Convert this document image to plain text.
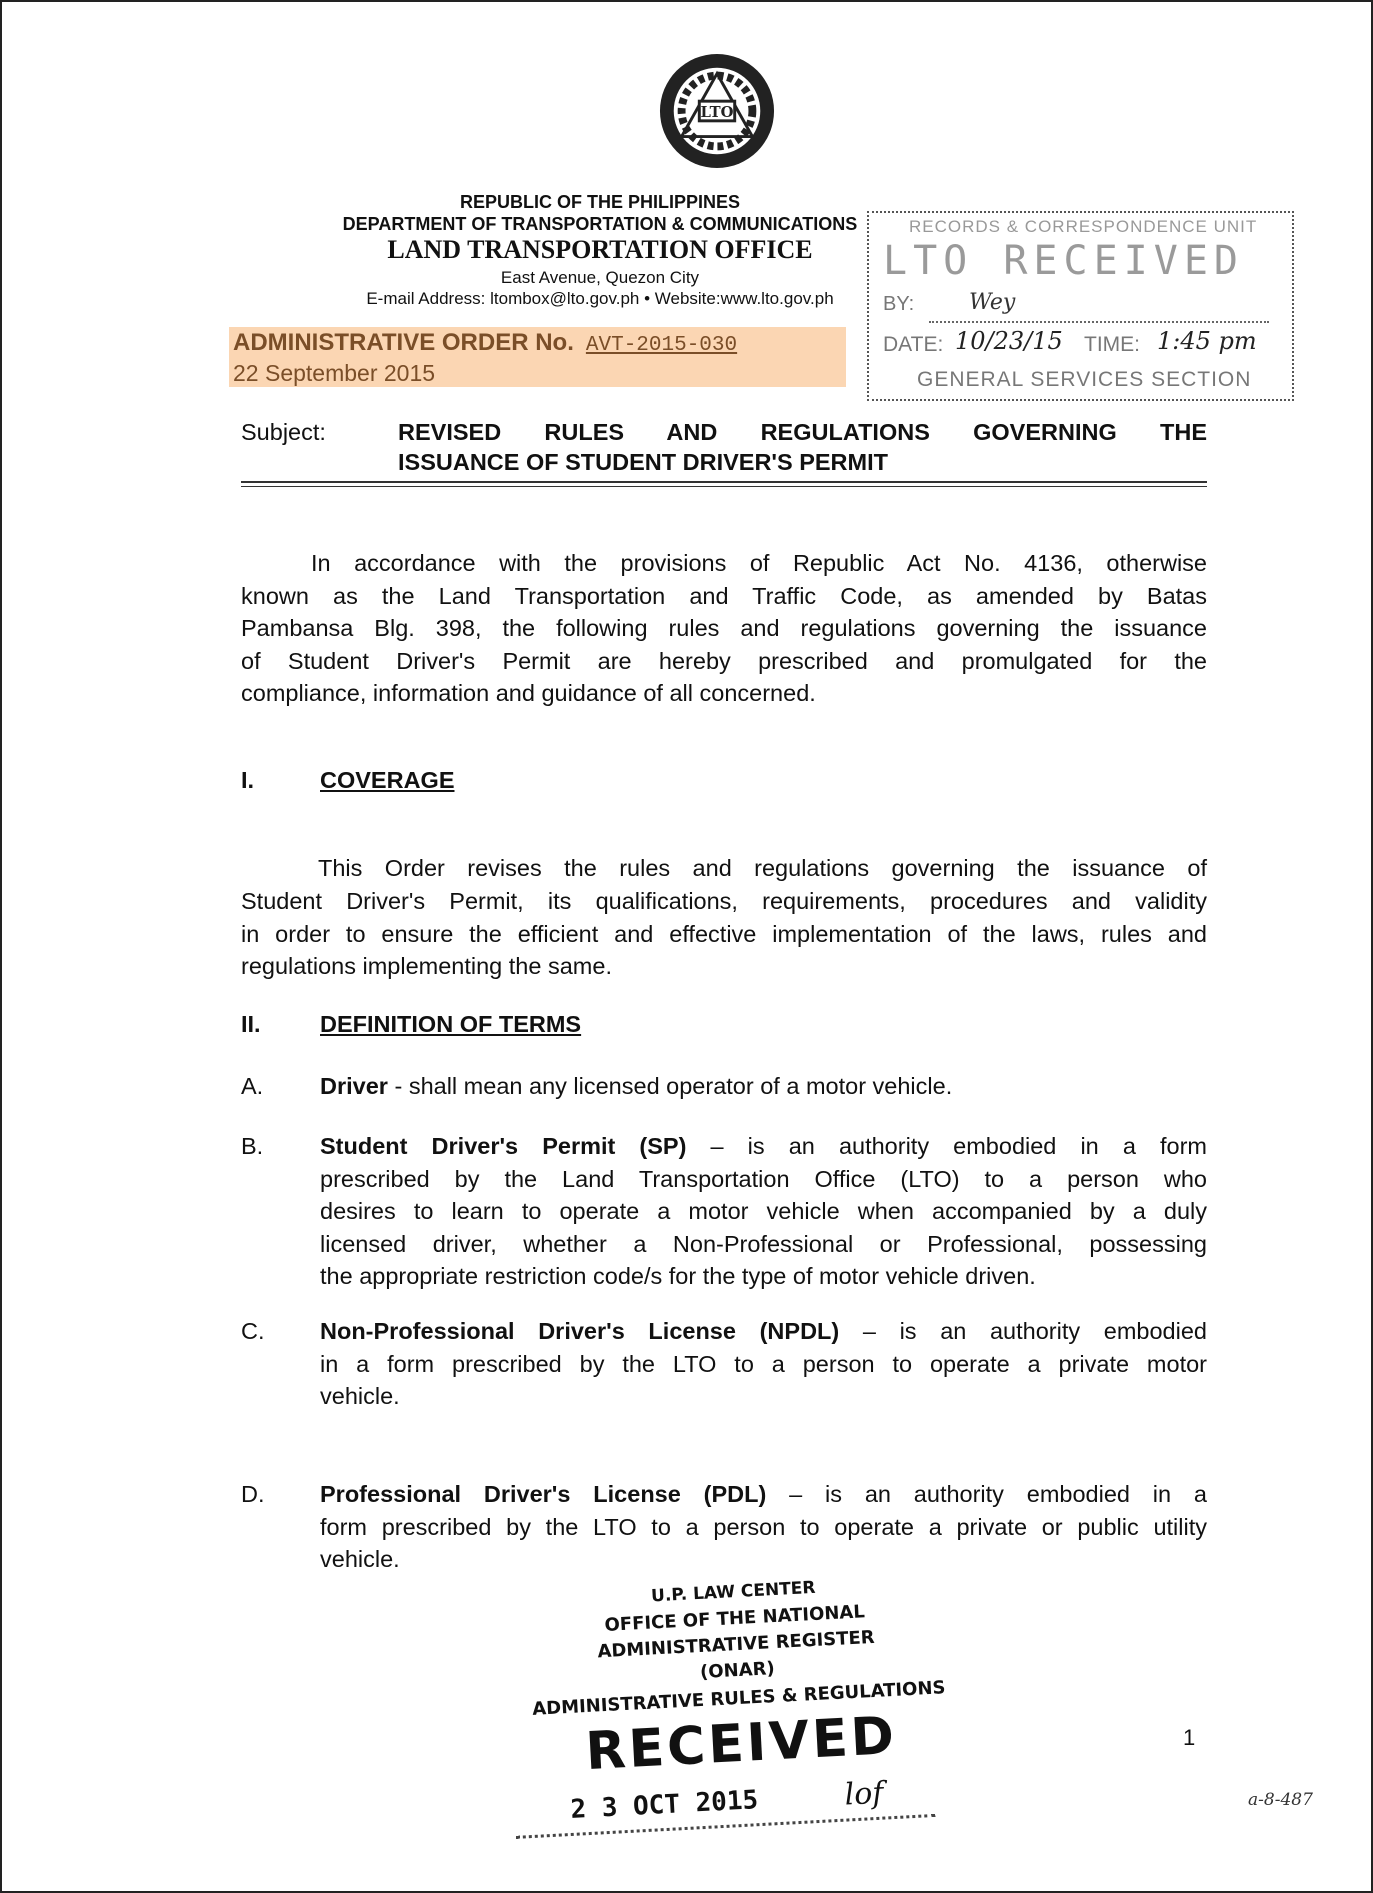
LTO
REPUBLIC OF THE PHILIPPINES
DEPARTMENT OF TRANSPORTATION & COMMUNICATIONS
LAND TRANSPORTATION OFFICE
East Avenue, Quezon City
E-mail Address: ltombox@lto.gov.ph • Website:www.lto.gov.ph
ADMINISTRATIVE ORDER No. AVT-2015-030
22 September 2015
RECORDS & CORRESPONDENCE UNIT
LTO RECEIVED
BY: Wey
DATE: 10/23/15 TIME: 1:45 pm
GENERAL SERVICES SECTION
Subject:	REVISED RULES AND REGULATIONS GOVERNING THE
ISSUANCE OF STUDENT DRIVER'S PERMIT
In accordance with the provisions of Republic Act No. 4136, otherwise
known as the Land Transportation and Traffic Code, as amended by Batas
Pambansa Blg. 398, the following rules and regulations governing the issuance
of Student Driver's Permit are hereby prescribed and promulgated for the
compliance, information and guidance of all concerned.
I.	COVERAGE
This Order revises the rules and regulations governing the issuance of
Student Driver's Permit, its qualifications, requirements, procedures and validity
in order to ensure the efficient and effective implementation of the laws, rules and
regulations implementing the same.
II.	DEFINITION OF TERMS
A. Driver - shall mean any licensed operator of a motor vehicle.
B. Student Driver's Permit (SP) – is an authority embodied in a form
prescribed by the Land Transportation Office (LTO) to a person who
desires to learn to operate a motor vehicle when accompanied by a duly
licensed driver, whether a Non-Professional or Professional, possessing
the appropriate restriction code/s for the type of motor vehicle driven.
C. Non-Professional Driver's License (NPDL) – is an authority embodied
in a form prescribed by the LTO to a person to operate a private motor
vehicle.
D. Professional Driver's License (PDL) – is an authority embodied in a
form prescribed by the LTO to a person to operate a private or public utility
vehicle.
U.P. LAW CENTER
OFFICE OF THE NATIONAL
ADMINISTRATIVE REGISTER
(ONAR)
ADMINISTRATIVE RULES & REGULATIONS
RECEIVED
2 3 OCT 2015	lof
1
a-8-487
